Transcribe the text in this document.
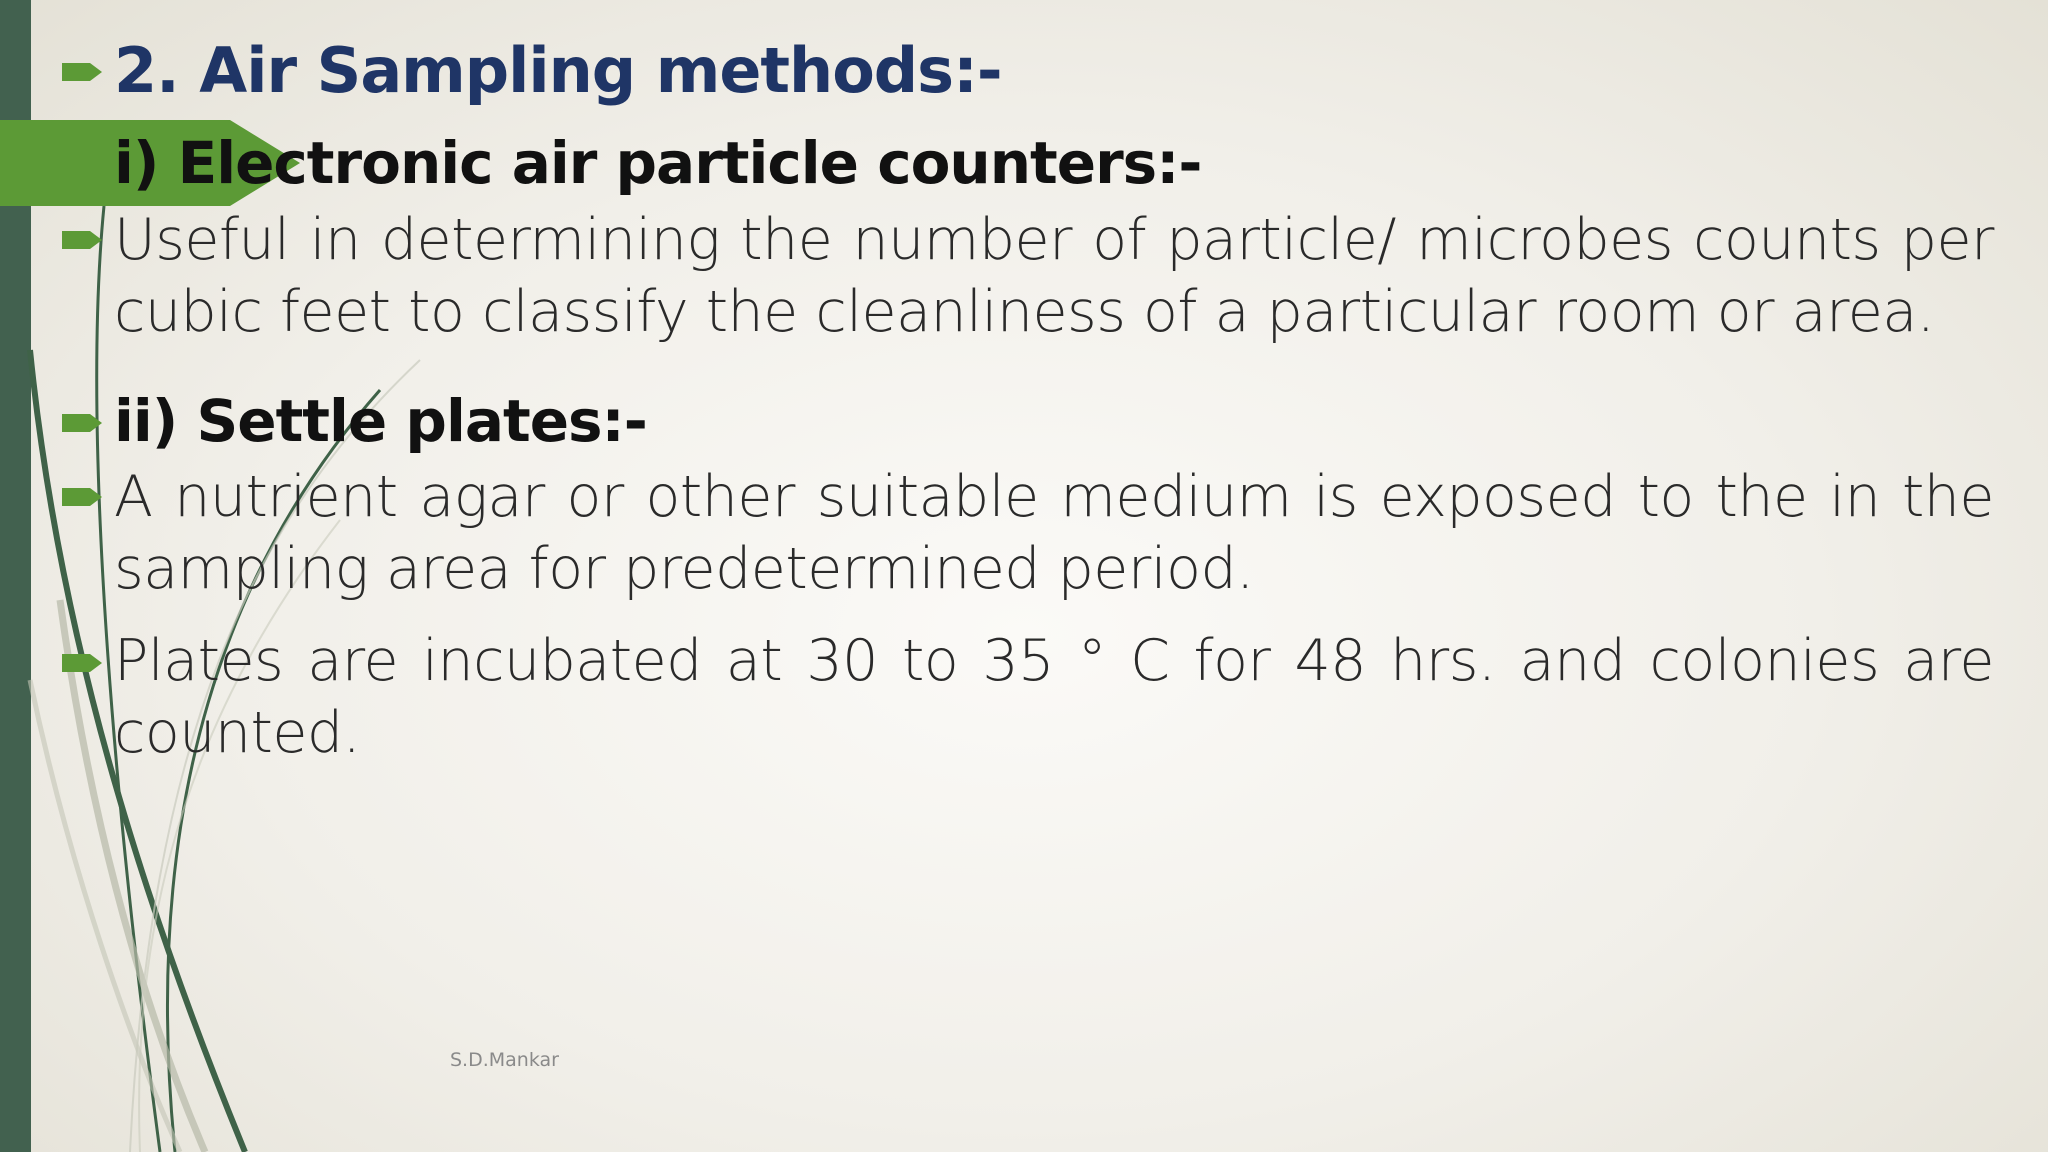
2. Air Sampling methods:-
i) Electronic air particle counters:-

Useful in determining the number of particle/ microbes counts per cubic feet to classify the cleanliness of a particular room or area.

ii) Settle plates:-

A nutrient agar or other suitable medium is exposed to the in the sampling area for predetermined period.

Plates are incubated at 30 to 35 ° C for 48 hrs. and colonies are counted.

S.D.Mankar
